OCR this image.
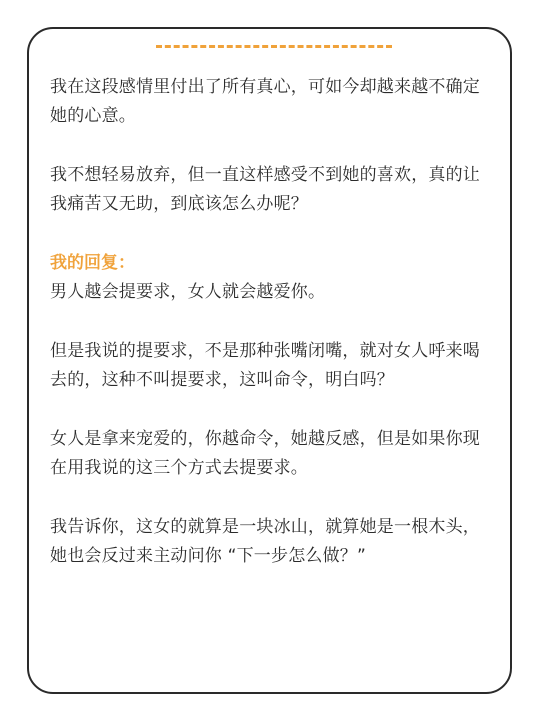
我在这段感情里付出了所有真心，可如今却越来越不确定她的心意。

我不想轻易放弃，但一直这样感受不到她的喜欢，真的让我痛苦又无助，到底该怎么办呢？

我的回复：

男人越会提要求，女人就会越爱你。

但是我说的提要求，不是那种张嘴闭嘴，就对女人呼来喝去的，这种不叫提要求，这叫命令，明白吗？

女人是拿来宠爱的，你越命令，她越反感，但是如果你现在用我说的这三个方式去提要求。

我告诉你，这女的就算是一块冰山，就算她是一根木头，她也会反过来主动问你 “下一步怎么做？”
